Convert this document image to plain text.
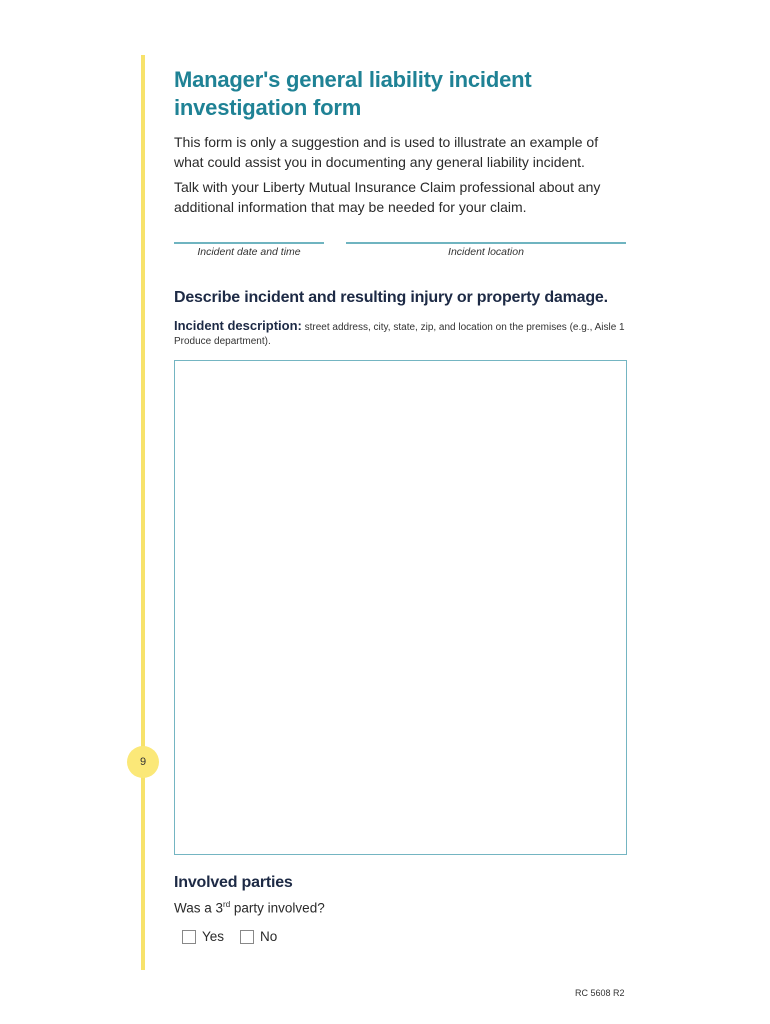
9
Manager's general liability incident investigation form

This form is only a suggestion and is used to illustrate an example of what could assist you in documenting any general liability incident.

Talk with your Liberty Mutual Insurance Claim professional about any additional information that may be needed for your claim.

Incident date and time	Incident location
Describe incident and resulting injury or property damage.
Incident description: street address, city, state, zip, and location on the premises (e.g., Aisle 1 Produce department).
Involved parties
Was a 3rd party involved?
Yes	No
RC 5608 R2
